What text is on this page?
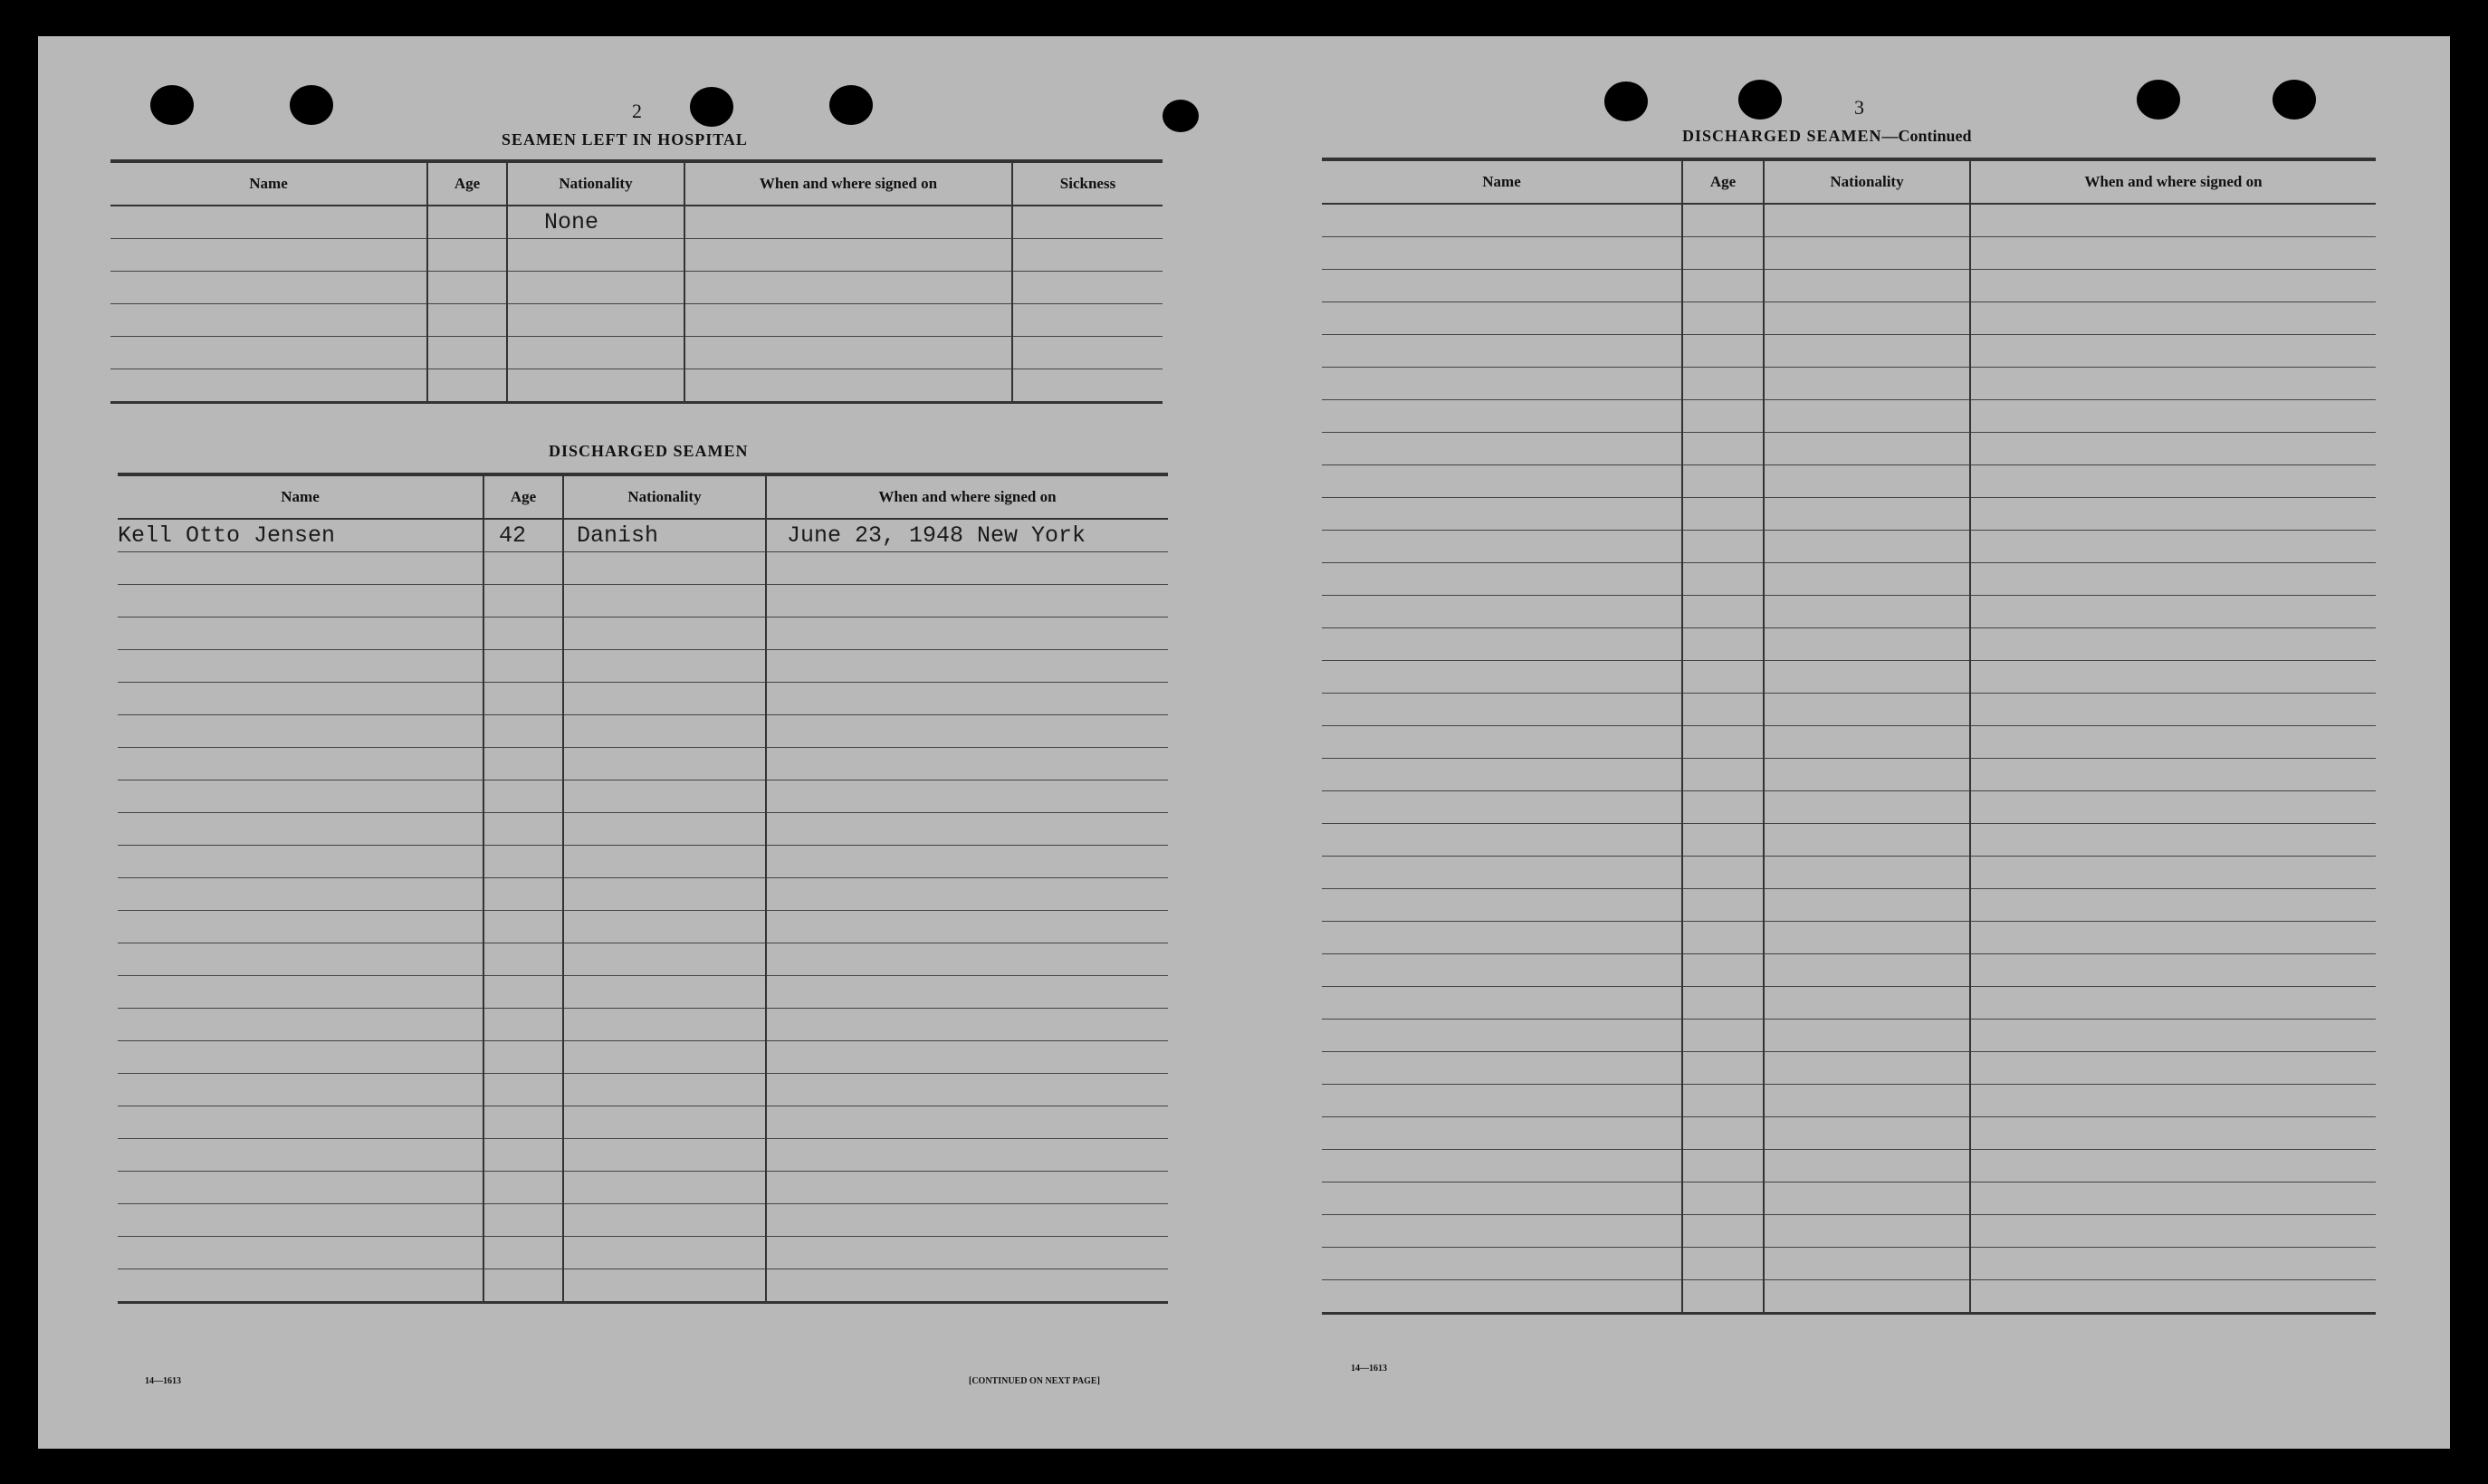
2
SEAMEN LEFT IN HOSPITAL
Name	Age	Nationality	When and where signed on	Sickness
		None		

DISCHARGED SEAMEN
Name	Age	Nationality	When and where signed on
Kell Otto Jensen	42	Danish	June 23, 1948 New York

14—1613	[CONTINUED ON NEXT PAGE]
3
DISCHARGED SEAMEN—Continued
Name	Age	Nationality	When and where signed on

14—1613
